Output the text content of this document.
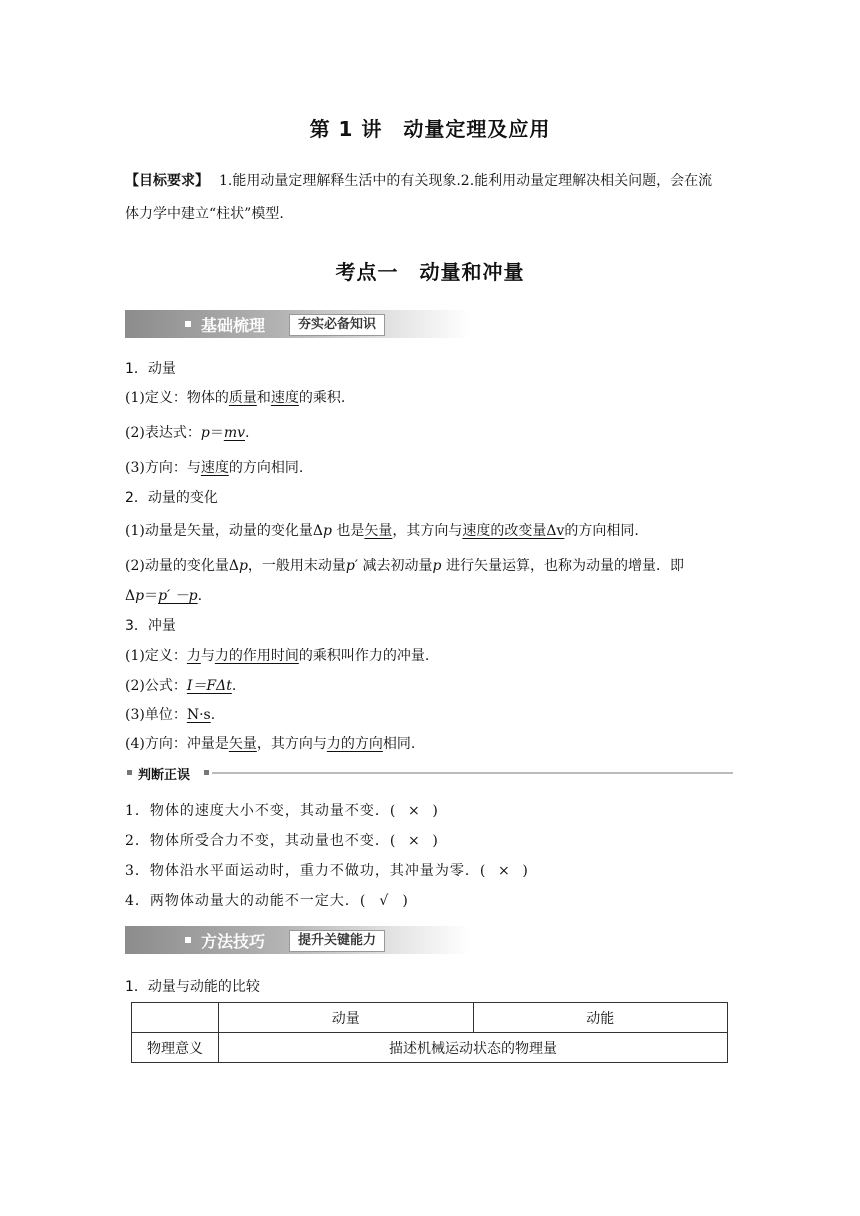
第 1 讲　动量定理及应用
【目标要求】 1.能用动量定理解释生活中的有关现象.2.能利用动量定理解决相关问题，会在流
体力学中建立“柱状”模型.
考点一　动量和冲量
基础梳理	夯实必备知识
1．动量
(1)定义：物体的质量和速度的乘积.
(2)表达式：p＝mv.
(3)方向：与速度的方向相同.
2．动量的变化
(1)动量是矢量，动量的变化量Δp 也是矢量，其方向与速度的改变量Δv的方向相同.
(2)动量的变化量Δp，一般用末动量p′ 减去初动量p 进行矢量运算，也称为动量的增量．即
Δp＝p′ －p.
3．冲量
(1)定义：力与力的作用时间的乘积叫作力的冲量.
(2)公式：I＝FΔt.
(3)单位：N·s.
(4)方向：冲量是矢量，其方向与力的方向相同.
判断正误
1．物体的速度大小不变，其动量不变．( × )
2．物体所受合力不变，其动量也不变．( × )
3．物体沿水平面运动时，重力不做功，其冲量为零．( × )
4．两物体动量大的动能不一定大．( √ )
方法技巧	提升关键能力
1．动量与动能的比较
	动量	动能
物理意义	描述机械运动状态的物理量	
